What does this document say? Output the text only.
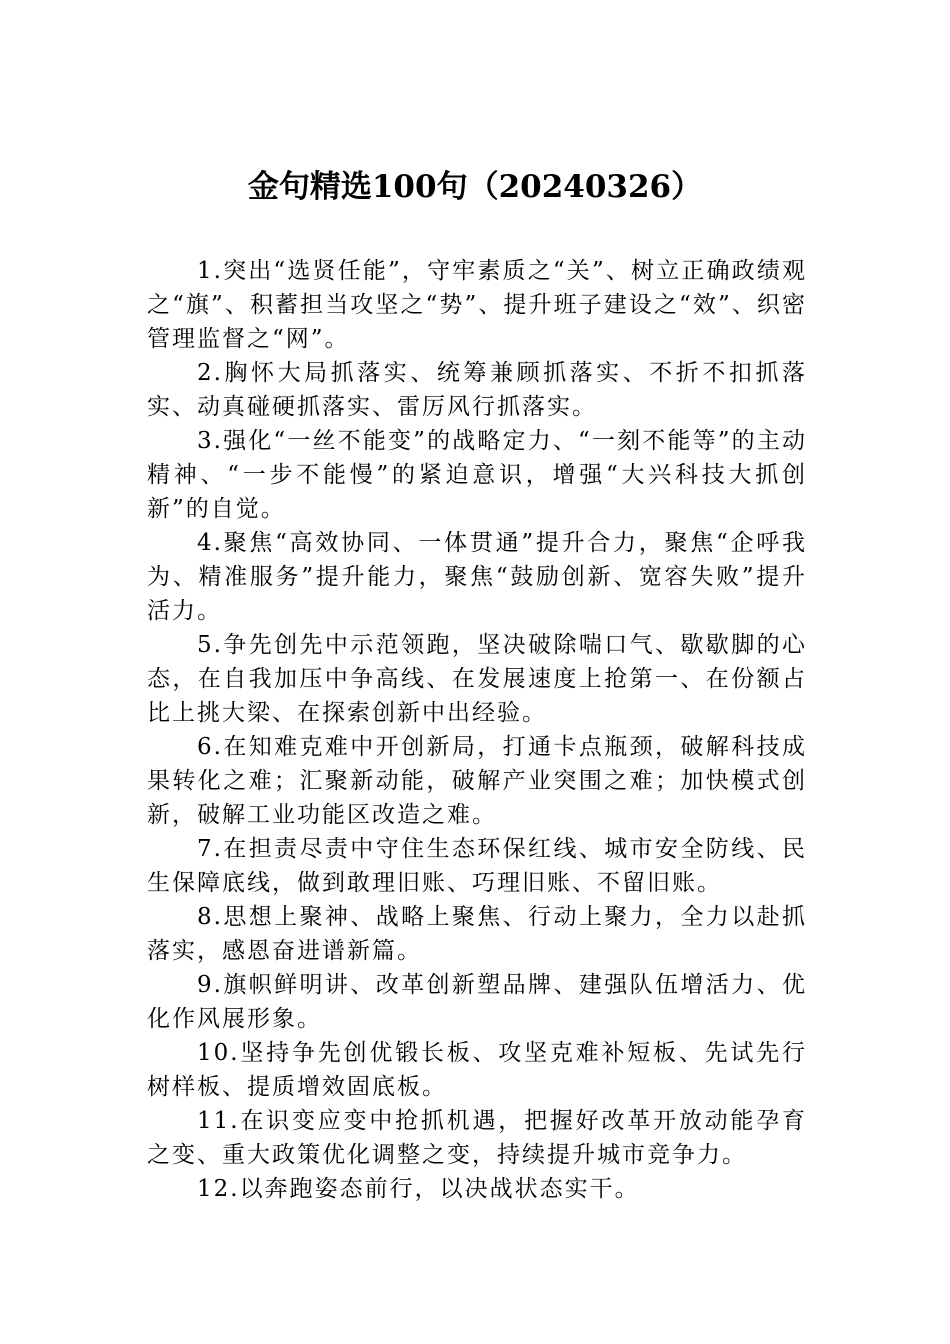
金句精选100句（20240326）

1.突出“选贤任能”，守牢素质之“关”、树立正确政绩观之“旗”、积蓄担当攻坚之“势”、提升班子建设之“效”、织密管理监督之“网”。

2.胸怀大局抓落实、统筹兼顾抓落实、不折不扣抓落实、动真碰硬抓落实、雷厉风行抓落实。

3.强化“一丝不能变”的战略定力、“一刻不能等”的主动精神、“一步不能慢”的紧迫意识，增强“大兴科技大抓创新”的自觉。

4.聚焦“高效协同、一体贯通”提升合力，聚焦“企呼我为、精准服务”提升能力，聚焦“鼓励创新、宽容失败”提升活力。

5.争先创先中示范领跑，坚决破除喘口气、歇歇脚的心态，在自我加压中争高线、在发展速度上抢第一、在份额占比上挑大梁、在探索创新中出经验。

6.在知难克难中开创新局，打通卡点瓶颈，破解科技成果转化之难；汇聚新动能，破解产业突围之难；加快模式创新，破解工业功能区改造之难。

7.在担责尽责中守住生态环保红线、城市安全防线、民生保障底线，做到敢理旧账、巧理旧账、不留旧账。

8.思想上聚神、战略上聚焦、行动上聚力，全力以赴抓落实，感恩奋进谱新篇。

9.旗帜鲜明讲、改革创新塑品牌、建强队伍增活力、优化作风展形象。

10.坚持争先创优锻长板、攻坚克难补短板、先试先行树样板、提质增效固底板。

11.在识变应变中抢抓机遇，把握好改革开放动能孕育之变、重大政策优化调整之变，持续提升城市竞争力。

12.以奔跑姿态前行，以决战状态实干。
